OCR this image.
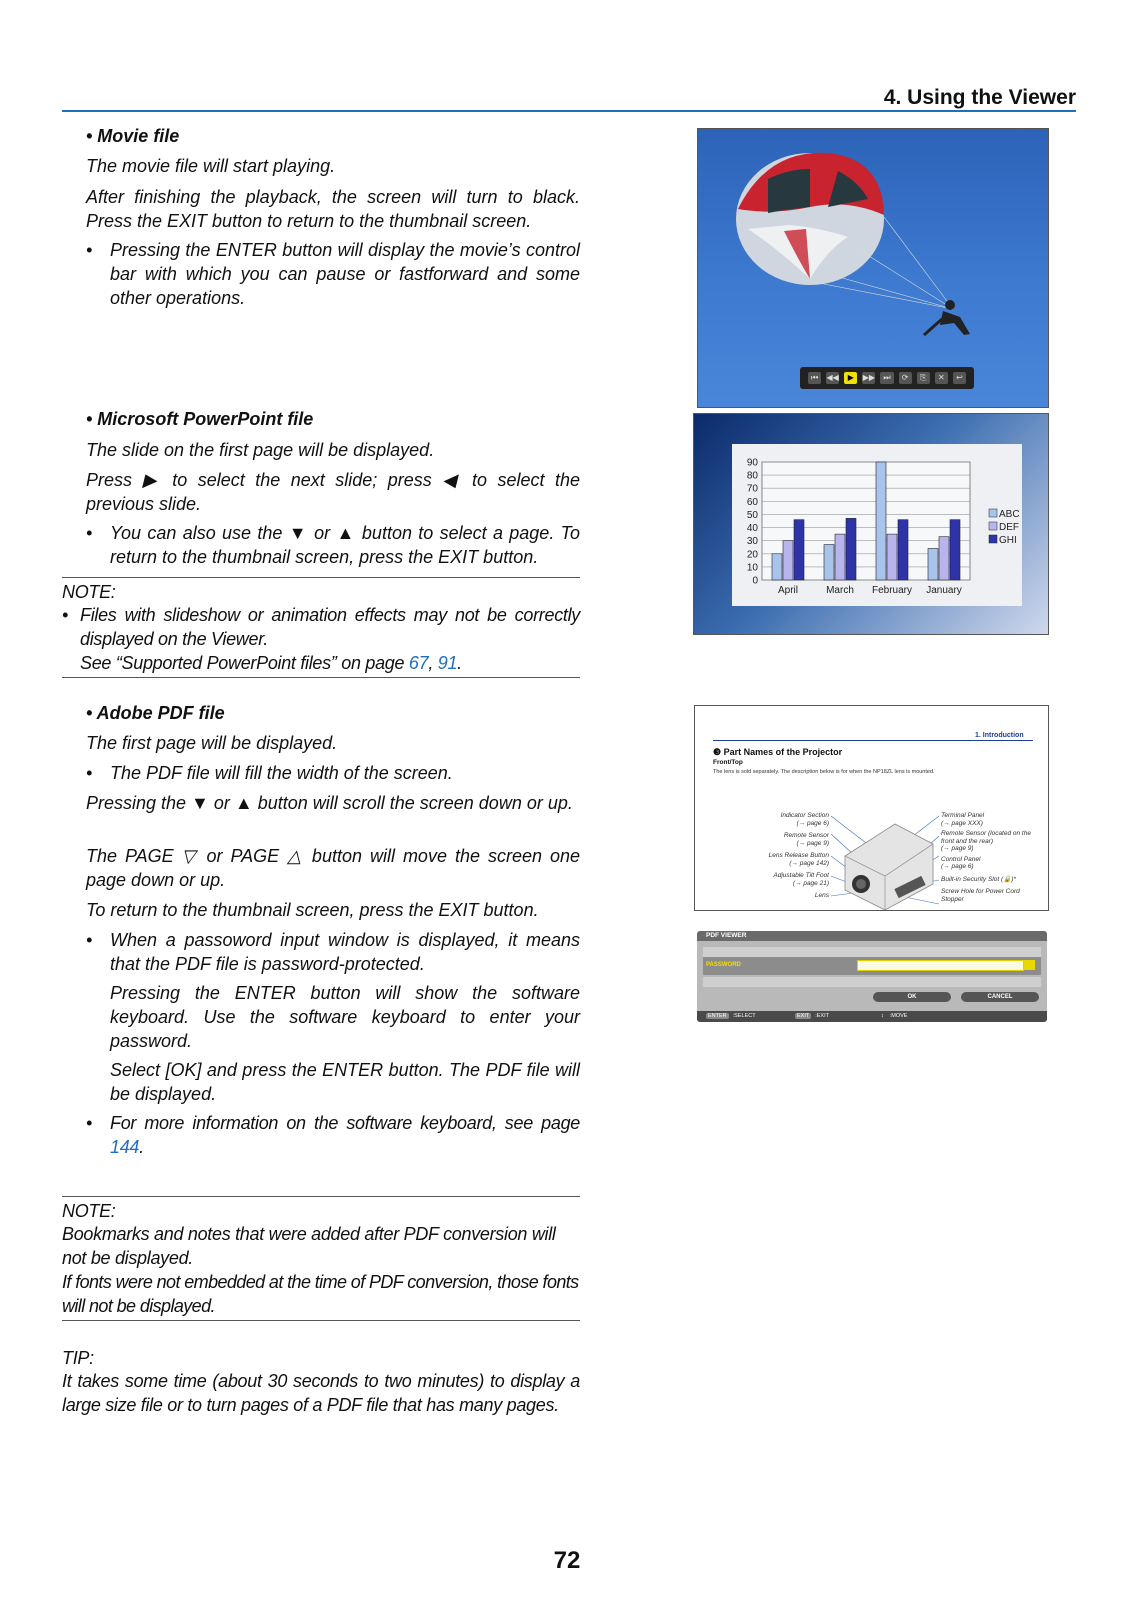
4. Using the Viewer
• Movie file
The movie file will start playing.
After finishing the playback, the screen will turn to black. Press the EXIT button to return to the thumbnail screen.
• Pressing the ENTER button will display the movie’s control bar with which you can pause or fastforward and some other operations.
• Microsoft PowerPoint file
The slide on the first page will be displayed.
Press ▶ to select the next slide; press ◀ to select the previous slide.
• You can also use the ▼ or ▲ button to select a page. To return to the thumbnail screen, press the EXIT button.
NOTE:
• Files with slideshow or animation effects may not be correctly displayed on the Viewer.
See “Supported PowerPoint files” on page 67, 91.
• Adobe PDF file
The first page will be displayed.
• The PDF file will fill the width of the screen.
Pressing the ▼ or ▲ button will scroll the screen down or up.
The PAGE ▽ or PAGE △ button will move the screen one page down or up.
To return to the thumbnail screen, press the EXIT button.
• When a passoword input window is displayed, it means that the PDF file is password-protected.
Pressing the ENTER button will show the software keyboard. Use the software keyboard to enter your password.
Select [OK] and press the ENTER button. The PDF file will be displayed.
• For more information on the software keyboard, see page 144.
NOTE:
Bookmarks and notes that were added after PDF conversion will not be displayed.
If fonts were not embedded at the time of PDF conversion, those fonts will not be displayed.
TIP:
It takes some time (about 30 seconds to two minutes) to display a large size file or to turn pages of a PDF file that has many pages.
72
⏮	◀◀	▶	▶▶	⏭	⟳	⎘	✕	↩
0
10
20
30
40
50
60
70
80
90
April	March February January
ABC
DEF
GHI
1. Introduction
❸ Part Names of the Projector
Front/Top
The lens is sold separately. The description below is for when the NP18ZL lens is mounted.
Indicator Section
(→ page 6)
Remote Sensor
(→ page 9)
Lens Release Button
(→ page 142)
Adjustable Tilt Foot
(→ page 21)
Lens
Terminal Panel
(→ page XXX)
Remote Sensor (located on the front and the rear)
(→ page 9)
Control Panel
(→ page 6)
Built-in Security Slot (🔒)*
Screw Hole for Power Cord Stopper
PDF VIEWER
PASSWORD
OK	CANCEL
ENTER	:SELECT	EXIT	:EXIT	↕ :MOVE
